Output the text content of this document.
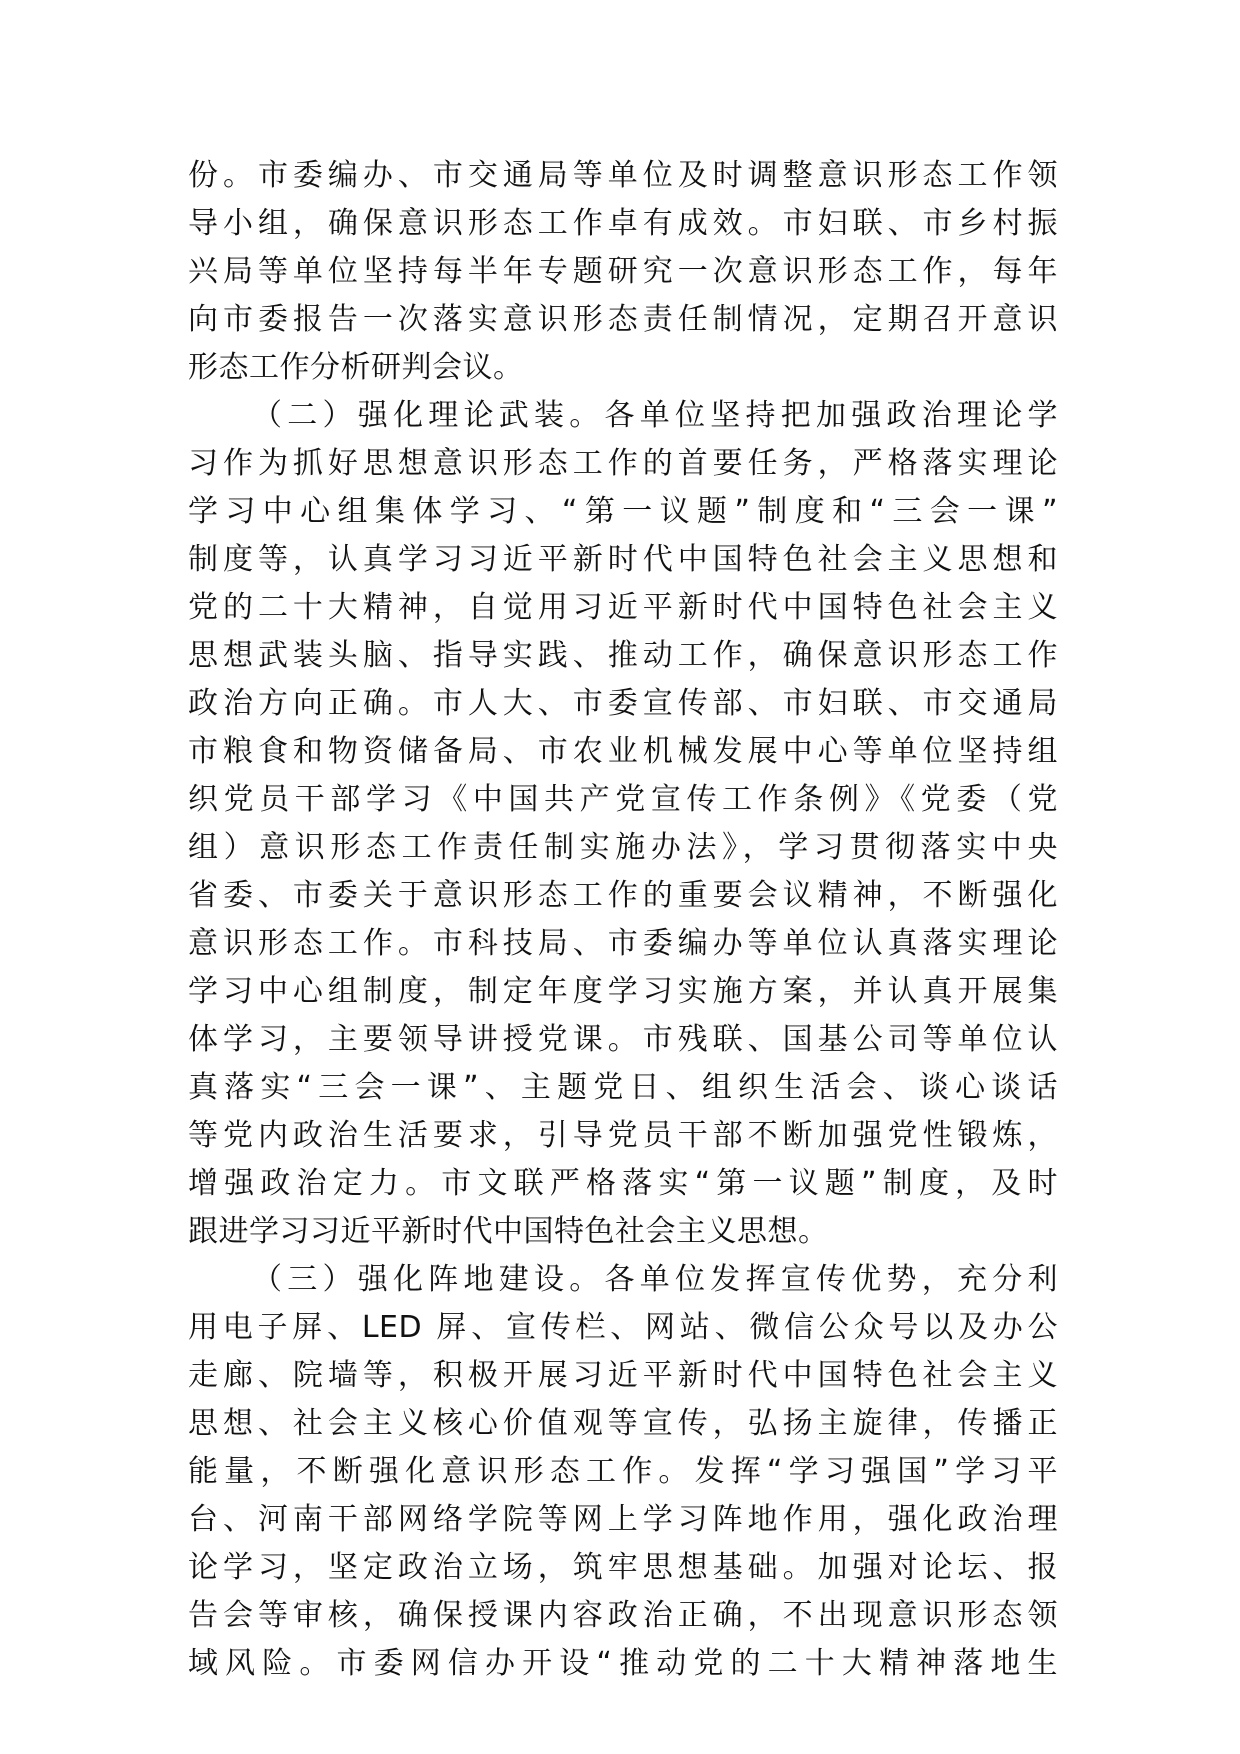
份。市委编办、市交通局等单位及时调整意识形态工作领
导小组，确保意识形态工作卓有成效。市妇联、市乡村振
兴局等单位坚持每半年专题研究一次意识形态工作，每年
向市委报告一次落实意识形态责任制情况，定期召开意识
形态工作分析研判会议。
（二）强化理论武装。各单位坚持把加强政治理论学
习作为抓好思想意识形态工作的首要任务，严格落实理论
学习中心组集体学习、“第一议题”制度和“三会一课”
制度等，认真学习习近平新时代中国特色社会主义思想和
党的二十大精神，自觉用习近平新时代中国特色社会主义
思想武装头脑、指导实践、推动工作，确保意识形态工作
政治方向正确。市人大、市委宣传部、市妇联、市交通局
市粮食和物资储备局、市农业机械发展中心等单位坚持组
织党员干部学习《中国共产党宣传工作条例》《党委（党
组）意识形态工作责任制实施办法》，学习贯彻落实中央
省委、市委关于意识形态工作的重要会议精神，不断强化
意识形态工作。市科技局、市委编办等单位认真落实理论
学习中心组制度，制定年度学习实施方案，并认真开展集
体学习，主要领导讲授党课。市残联、国基公司等单位认
真落实“三会一课”、主题党日、组织生活会、谈心谈话
等党内政治生活要求，引导党员干部不断加强党性锻炼，
增强政治定力。市文联严格落实“第一议题”制度，及时
跟进学习习近平新时代中国特色社会主义思想。
（三）强化阵地建设。各单位发挥宣传优势，充分利
用电子屏、LED 屏、宣传栏、网站、微信公众号以及办公
走廊、院墙等，积极开展习近平新时代中国特色社会主义
思想、社会主义核心价值观等宣传，弘扬主旋律，传播正
能量，不断强化意识形态工作。发挥“学习强国”学习平
台、河南干部网络学院等网上学习阵地作用，强化政治理
论学习，坚定政治立场，筑牢思想基础。加强对论坛、报
告会等审核，确保授课内容政治正确，不出现意识形态领
域风险。市委网信办开设“推动党的二十大精神落地生
